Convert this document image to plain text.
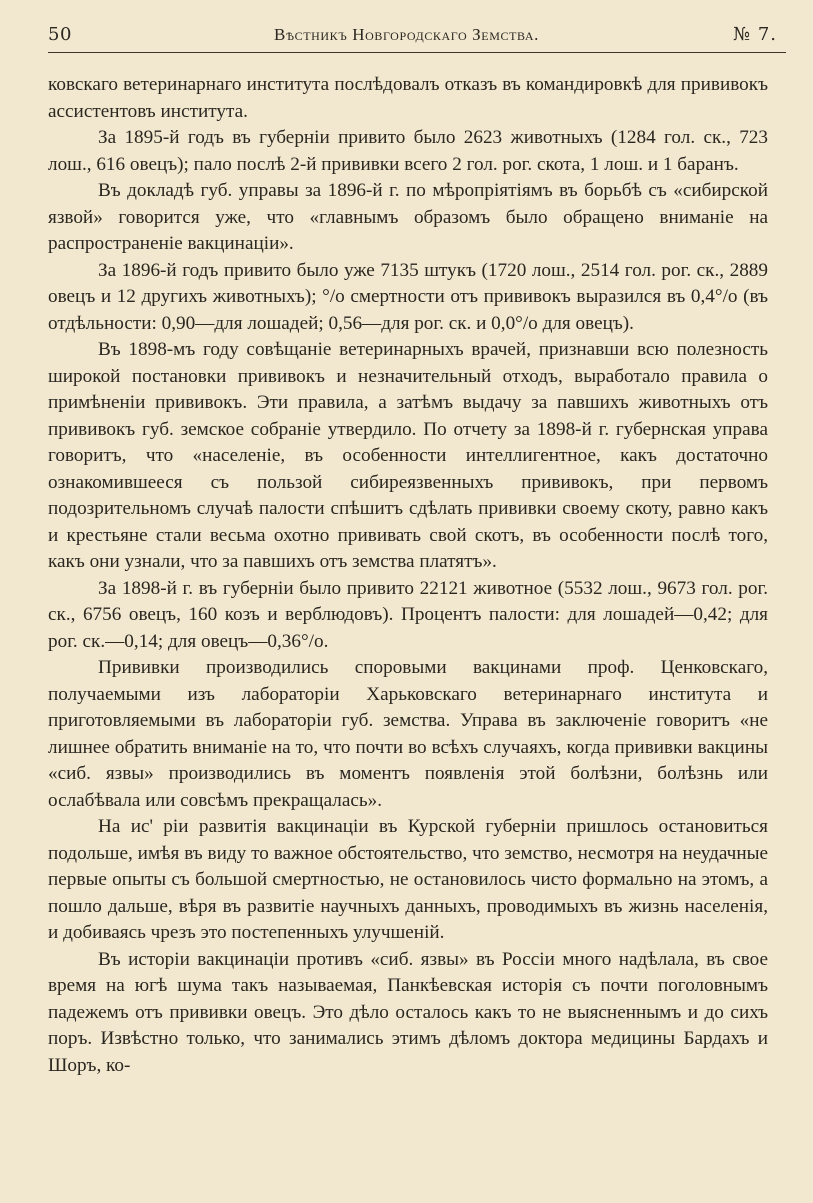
50	Вѣстникъ Новгородскаго Земства.	№ 7.

ковскаго ветеринарнаго института послѣдовалъ отказъ въ командировкѣ для прививокъ ассистентовъ института.

За 1895-й годъ въ губерніи привито было 2623 животныхъ (1284 гол. ск., 723 лош., 616 овецъ); пало послѣ 2-й прививки всего 2 гол. рог. скота, 1 лош. и 1 баранъ.

Въ докладѣ губ. управы за 1896-й г. по мѣропріятіямъ въ борьбѣ съ «сибирской язвой» говорится уже, что «главнымъ образомъ было обращено вниманіе на распространеніе вакцинаціи».

За 1896-й годъ привито было уже 7135 штукъ (1720 лош., 2514 гол. рог. ск., 2889 овецъ и 12 другихъ животныхъ); °/о смертности отъ прививокъ выразился въ 0,4°/о (въ отдѣльности: 0,90—для лошадей; 0,56—для рог. ск. и 0,0°/о для овецъ).

Въ 1898-мъ году совѣщаніе ветеринарныхъ врачей, признавши всю полезность широкой постановки прививокъ и незначительный отходъ, выработало правила о примѣненіи прививокъ. Эти правила, а затѣмъ выдачу за павшихъ животныхъ отъ прививокъ губ. земское собраніе утвердило. По отчету за 1898-й г. губернская управа говоритъ, что «населеніе, въ особенности интеллигентное, какъ достаточно ознакомившееся съ пользой сибиреязвенныхъ прививокъ, при первомъ подозрительномъ случаѣ палости спѣшитъ сдѣлать прививки своему скоту, равно какъ и крестьяне стали весьма охотно прививать свой скотъ, въ особенности послѣ того, какъ они узнали, что за павшихъ отъ земства платятъ».

За 1898-й г. въ губерніи было привито 22121 животное (5532 лош., 9673 гол. рог. ск., 6756 овецъ, 160 козъ и верблюдовъ). Процентъ палости: для лошадей—0,42; для рог. ск.—0,14; для овецъ—0,36°/о.

Прививки производились споровыми вакцинами проф. Ценковскаго, получаемыми изъ лабораторіи Харьковскаго ветеринарнаго института и приготовляемыми въ лабораторіи губ. земства. Управа въ заключеніе говоритъ «не лишнее обратить вниманіе на то, что почти во всѣхъ случаяхъ, когда прививки вакцины «сиб. язвы» производились въ моментъ появленія этой болѣзни, болѣзнь или ослабѣвала или совсѣмъ прекращалась».

На ис' ріи развитія вакцинаціи въ Курской губерніи пришлось остановиться подольше, имѣя въ виду то важное обстоятельство, что земство, несмотря на неудачные первые опыты съ большой смертностью, не остановилось чисто формально на этомъ, а пошло дальше, вѣря въ развитіе научныхъ данныхъ, проводимыхъ въ жизнь населенія, и добиваясь чрезъ это постепенныхъ улучшеній.

Въ исторіи вакцинаціи противъ «сиб. язвы» въ Россіи много надѣлала, въ свое время на югѣ шума такъ называемая, Панкѣевская исторія съ почти поголовнымъ падежемъ отъ прививки овецъ. Это дѣло осталось какъ то не выясненнымъ и до сихъ поръ. Извѣстно только, что занимались этимъ дѣломъ доктора медицины Бардахъ и Шоръ, ко-
